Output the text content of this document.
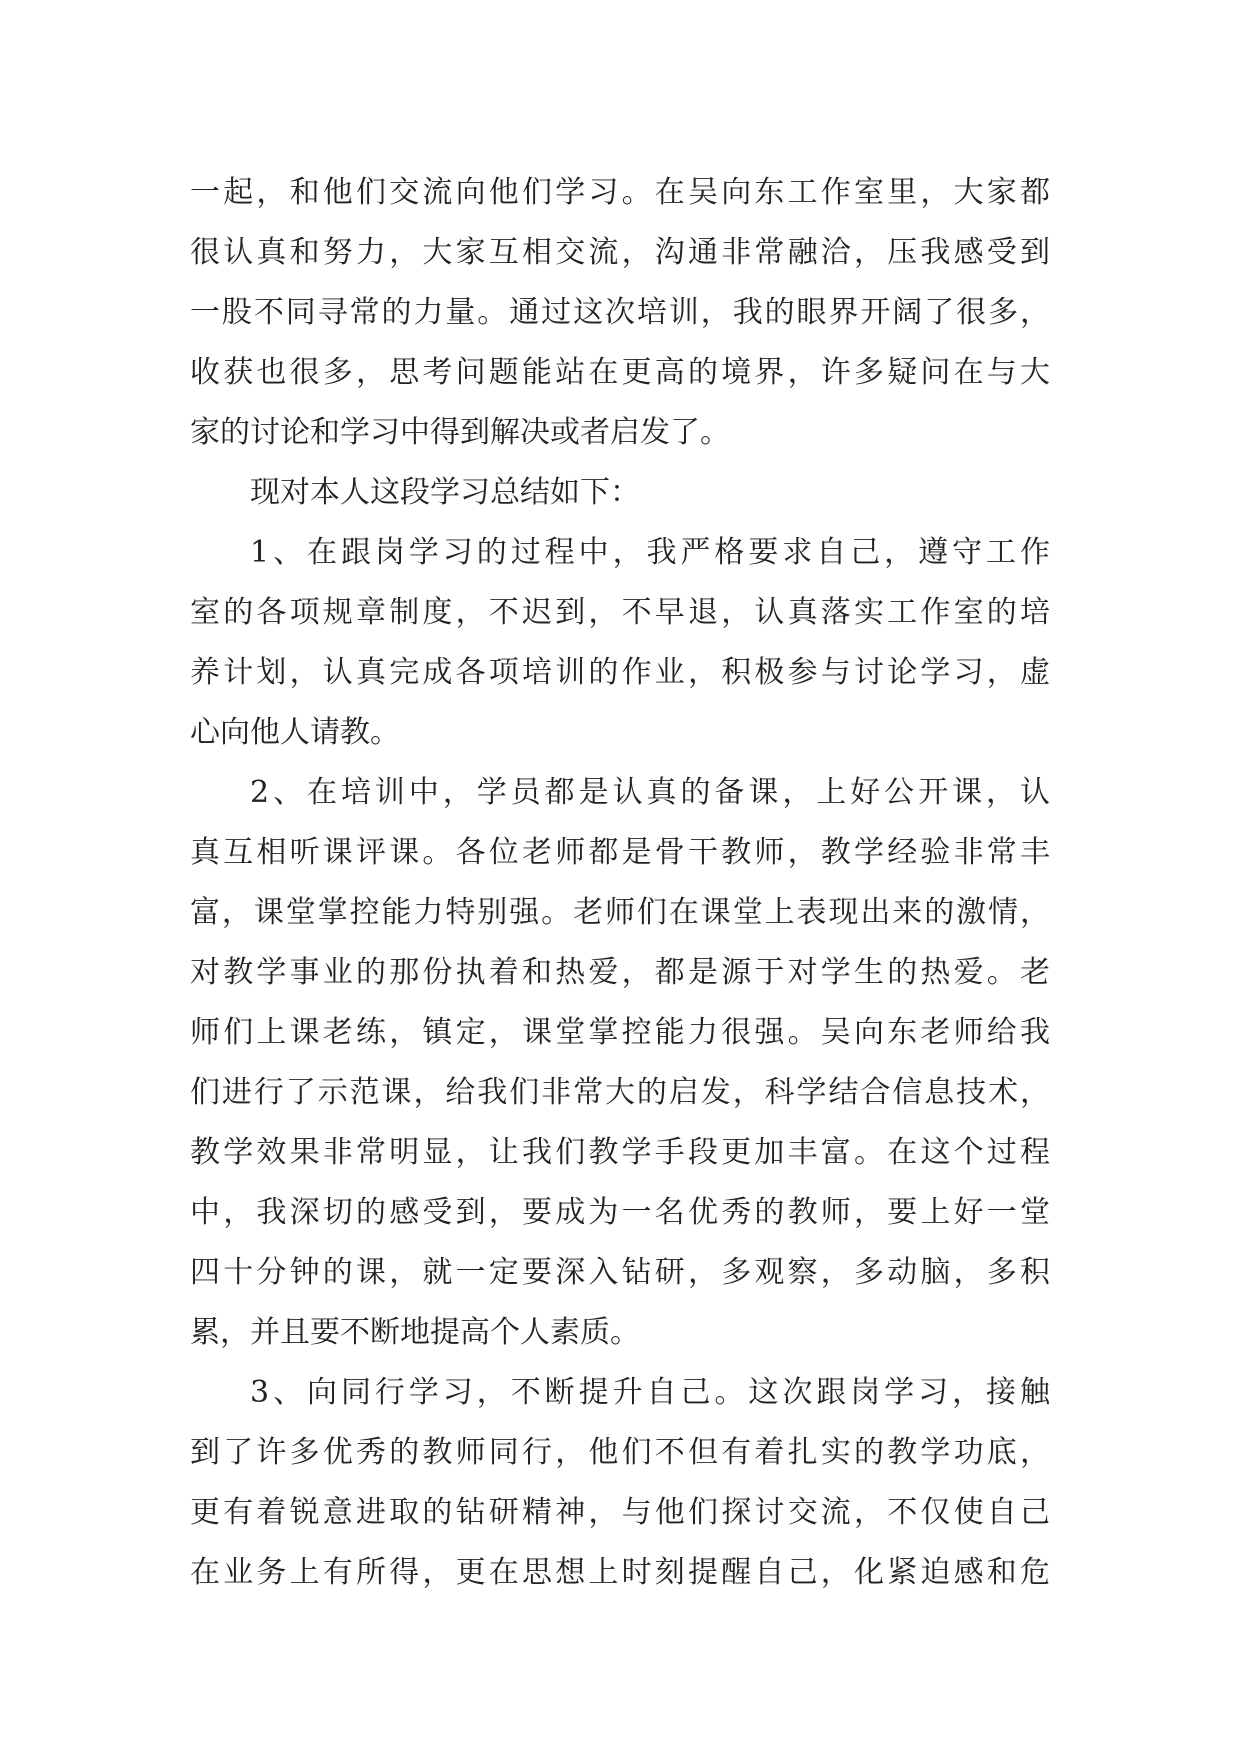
一起，和他们交流向他们学习。在吴向东工作室里，大家都
很认真和努力，大家互相交流，沟通非常融洽，压我感受到
一股不同寻常的力量。通过这次培训，我的眼界开阔了很多，
收获也很多，思考问题能站在更高的境界，许多疑问在与大
家的讨论和学习中得到解决或者启发了。
现对本人这段学习总结如下：
1、在跟岗学习的过程中，我严格要求自己，遵守工作
室的各项规章制度，不迟到，不早退，认真落实工作室的培
养计划，认真完成各项培训的作业，积极参与讨论学习，虚
心向他人请教。
2、在培训中，学员都是认真的备课，上好公开课，认
真互相听课评课。各位老师都是骨干教师，教学经验非常丰
富，课堂掌控能力特别强。老师们在课堂上表现出来的激情，
对教学事业的那份执着和热爱，都是源于对学生的热爱。老
师们上课老练，镇定，课堂掌控能力很强。吴向东老师给我
们进行了示范课，给我们非常大的启发，科学结合信息技术，
教学效果非常明显，让我们教学手段更加丰富。在这个过程
中，我深切的感受到，要成为一名优秀的教师，要上好一堂
四十分钟的课，就一定要深入钻研，多观察，多动脑，多积
累，并且要不断地提高个人素质。
3、向同行学习，不断提升自己。这次跟岗学习，接触
到了许多优秀的教师同行，他们不但有着扎实的教学功底，
更有着锐意进取的钻研精神，与他们探讨交流，不仅使自己
在业务上有所得，更在思想上时刻提醒自己，化紧迫感和危
